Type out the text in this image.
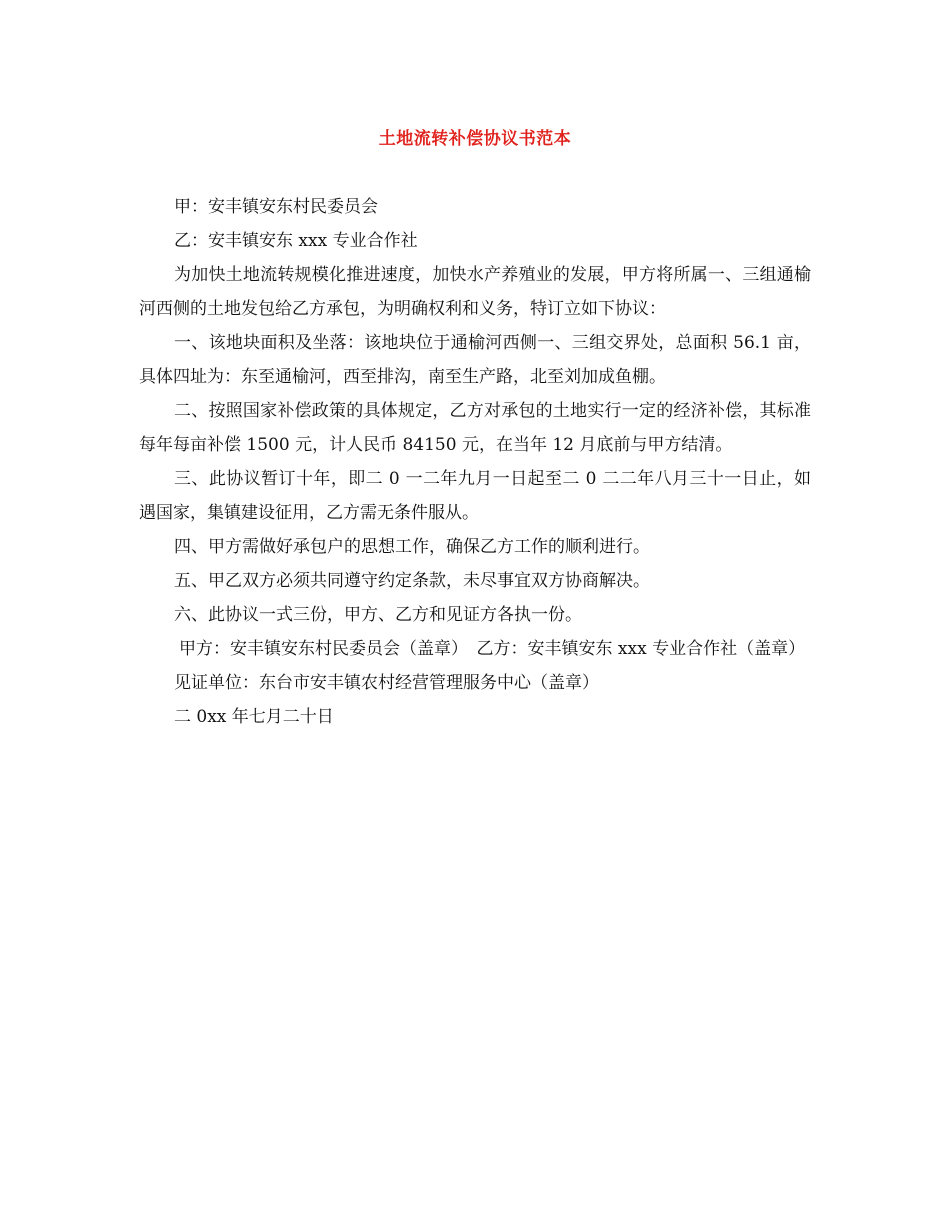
土地流转补偿协议书范本

甲：安丰镇安东村民委员会

乙：安丰镇安东 xxx 专业合作社

为加快土地流转规模化推进速度，加快水产养殖业的发展，甲方将所属一、三组通榆河西侧的土地发包给乙方承包，为明确权利和义务，特订立如下协议：

一、该地块面积及坐落：该地块位于通榆河西侧一、三组交界处，总面积 56.1 亩，具体四址为：东至通榆河，西至排沟，南至生产路，北至刘加成鱼棚。

二、按照国家补偿政策的具体规定，乙方对承包的土地实行一定的经济补偿，其标准每年每亩补偿 1500 元，计人民币 84150 元，在当年 12 月底前与甲方结清。

三、此协议暂订十年，即二 0 一二年九月一日起至二 0 二二年八月三十一日止，如遇国家，集镇建设征用，乙方需无条件服从。

四、甲方需做好承包户的思想工作，确保乙方工作的顺利进行。

五、甲乙双方必须共同遵守约定条款，未尽事宜双方协商解决。

六、此协议一式三份，甲方、乙方和见证方各执一份。

甲方：安丰镇安东村民委员会（盖章）　乙方：安丰镇安东 xxx 专业合作社（盖章）

见证单位：东台市安丰镇农村经营管理服务中心（盖章）

二 0xx 年七月二十日
